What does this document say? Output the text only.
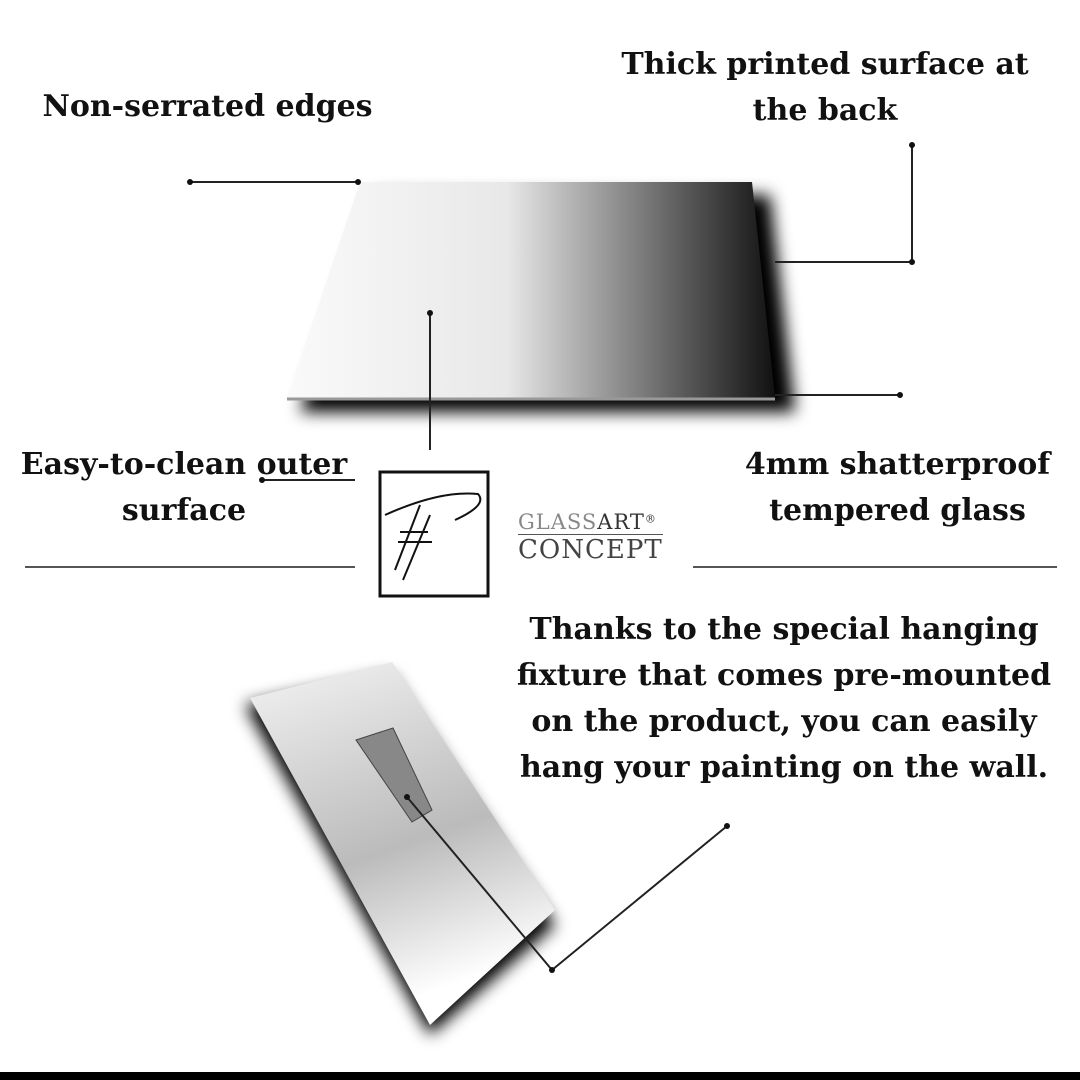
Non-serrated edges
Thick printed surface at the back
Easy-to-clean outer surface
4mm shatterproof tempered glass
Thanks to the special hanging fixture that comes pre-mounted on the product, you can easily hang your painting on the wall.
GLASSART®
CONCEPT
